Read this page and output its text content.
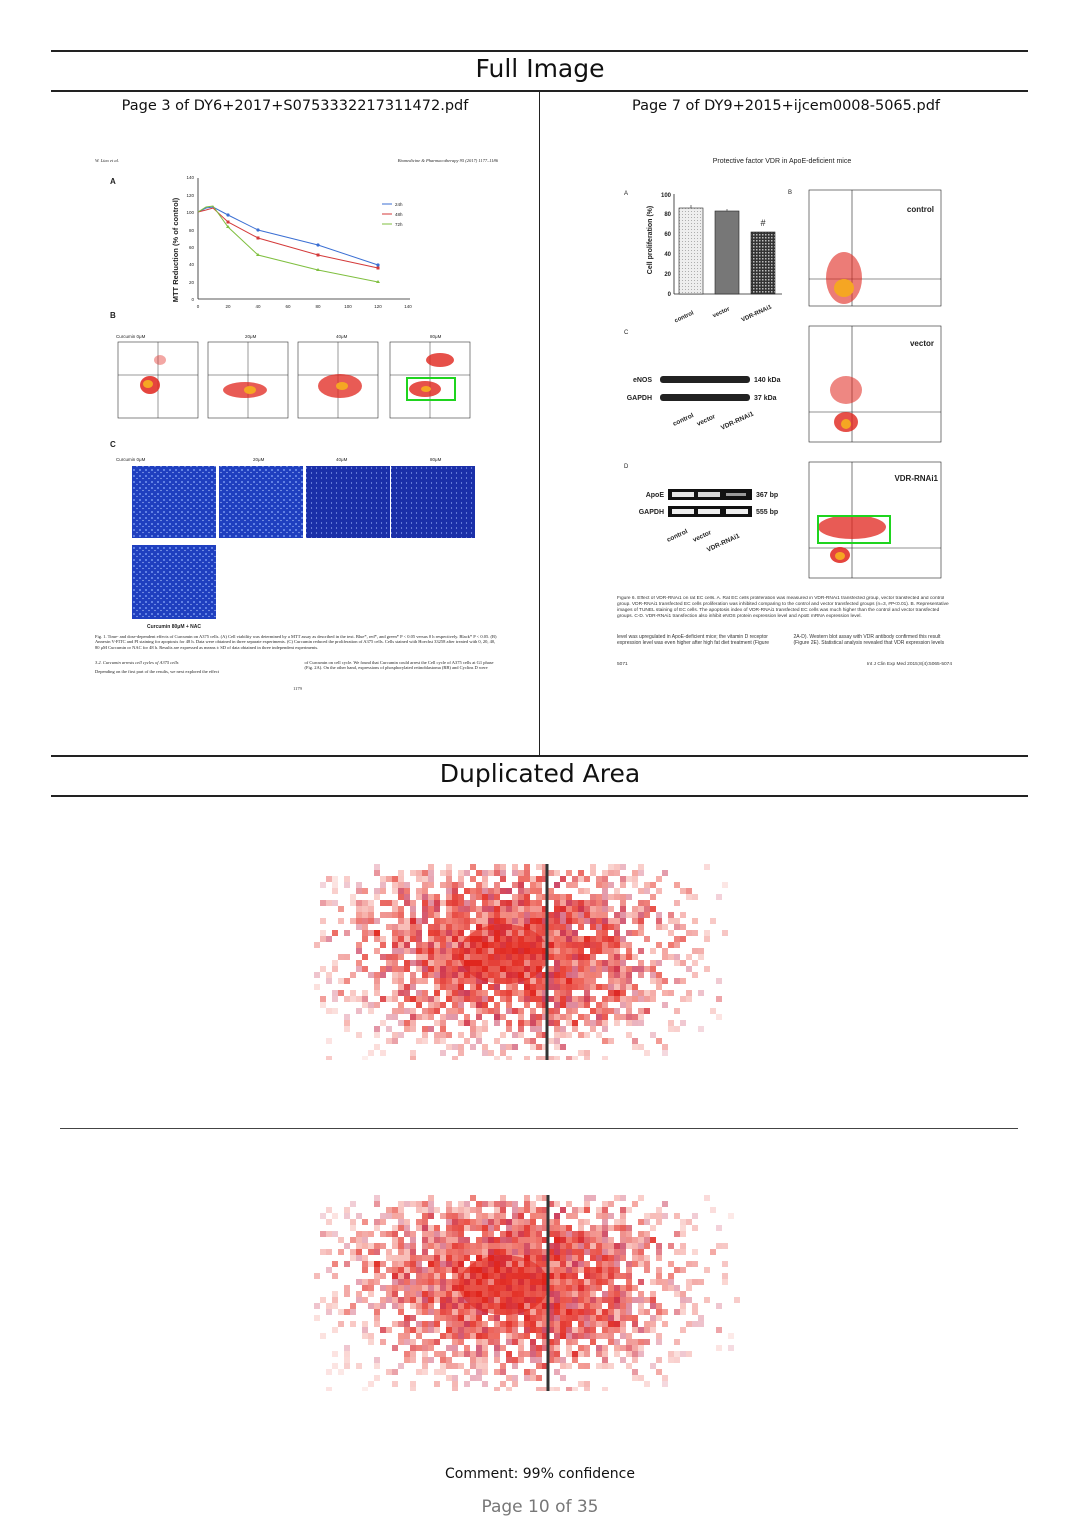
Full Image
Page 3 of DY6+2017+S0753332217311472.pdf
W. Liao et al.	Biomedicine & Pharmacotherapy 95 (2017) 1177–1186
A
MTT Reduction (% of control)	0
20
40
60
80
100
120
140
0	20	40	60	80	100	120	140
24h
48h
72h
B
Curcumin 0μM	20μM	40μM	80μM
C
Curcumin 0μM	20μM	40μM	80μM
Curcumin 80μM + NAC
Fig. 1. Time- and dose-dependent effects of Curcumin on A375 cells. (A) Cell viability was determined by a MTT assay as described in the text. Blue*, red*, and green* P < 0.05 versus 0 h respectively. Black* P < 0.05. (B) Annexin V-FITC and PI staining for apoptosis for 48 h. Data were obtained in three separate experiments. (C) Curcumin reduced the proliferation of A375 cells. Cells stained with Hoechst 33258 after treated with 0, 20, 40, 80 μM Curcumin or NAC for 48 h. Results are expressed as means ± SD of data obtained in three independent experiments.
3.2. Curcumin arrests cell cycles of A375 cells
Depending on the first part of the results, we next explored the effect
of Curcumin on cell cycle. We found that Curcumin could arrest the Cell cycle of A375 cells at G1 phase (Fig. 2A). On the other hand, expressions of phosphorylated retinoblastoma (RB) and Cyclins D were
1179
Page 7 of DY9+2015+ijcem0008-5065.pdf
Protective factor VDR in ApoE-deficient mice
A
Cell proliferation (%)
0
20
40
60
80
100
#
control	vector VDR-RNAi1
B
control
vector
VDR-RNAi1
C
eNOS	140 kDa
GAPDH	37 kDa
control vector VDR-RNAi1
D
ApoE	367 bp
GAPDH	555 bp
control vector
VDR-RNAi1
Figure 6. Effect of VDR-RNAi1 on rat EC cells. A. Rat EC cells proliferation was measured in VDR-RNAi1 transfected group, vector transfected and control group. VDR-RNAi1 transfected EC cells proliferation was inhibited comparing to the control and vector transfected groups (n=3, #P<0.01). B. Representative images of TUNEL staining of EC cells. The apoptosis index of VDR-RNAi1 transfected EC cells was much higher than the control and vector transfected groups. C-D. VDR-RNAi1 transfection also inhibit eNOS protein expression level and ApoE mRNA expression level.
level was upregulated in ApoE-deficient mice; the vitamin D receptor expression level was even higher after high fat diet treatment (Figure
2A-D). Western blot assay with VDR antibody confirmed this result (Figure 2E). Statistical analysis revealed that VDR expression levels
5071	Int J Clin Exp Med 2015;8(4):5065-5074
Duplicated Area
Comment: 99% confidence
Page 10 of 35
